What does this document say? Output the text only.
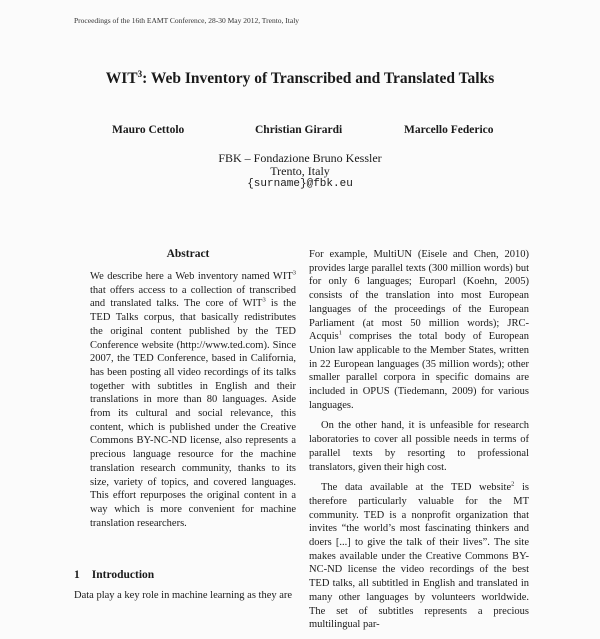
Proceedings of the 16th EAMT Conference, 28-30 May 2012, Trento, Italy
WIT$^3$: Web Inventory of Transcribed and Translated Talks
Mauro Cettolo	Christian Girardi	Marcello Federico
FBK – Fondazione Bruno Kessler
Trento, Italy
{surname}@fbk.eu
Abstract
We describe here a Web inventory named WIT$^3$ that offers access to a collection of transcribed and translated talks. The core of WIT$^3$ is the TED Talks corpus, that basically redistributes the original content published by the TED Conference website (http://www.ted.com). Since 2007, the TED Conference, based in California, has been posting all video recordings of its talks together with subtitles in English and their translations in more than 80 languages. Aside from its cultural and social relevance, this content, which is published under the Creative Commons BY-NC-ND license, also represents a precious language resource for the machine translation research community, thanks to its size, variety of topics, and covered languages. This effort repurposes the original content in a way which is more convenient for machine translation researchers.
1 Introduction
Data play a key role in machine learning as they are

For example, MultiUN (Eisele and Chen, 2010) provides large parallel texts (300 million words) but for only 6 languages; Europarl (Koehn, 2005) consists of the translation into most European languages of the proceedings of the European Parliament (at most 50 million words); JRC-Acquis$^1$ comprises the total body of European Union law applicable to the Member States, written in 22 European languages (35 million words); other smaller parallel corpora in specific domains are included in OPUS (Tiedemann, 2009) for various languages.

On the other hand, it is unfeasible for research laboratories to cover all possible needs in terms of parallel texts by resorting to professional translators, given their high cost.

The data available at the TED website$^2$ is therefore particularly valuable for the MT community. TED is a nonprofit organization that invites “the world’s most fascinating thinkers and doers [...] to give the talk of their lives”. The site makes available under the Creative Commons BY-NC-ND license the video recordings of the best TED talks, all subtitled in English and translated in many other languages by volunteers worldwide. The set of subtitles represents a precious multilingual par-
